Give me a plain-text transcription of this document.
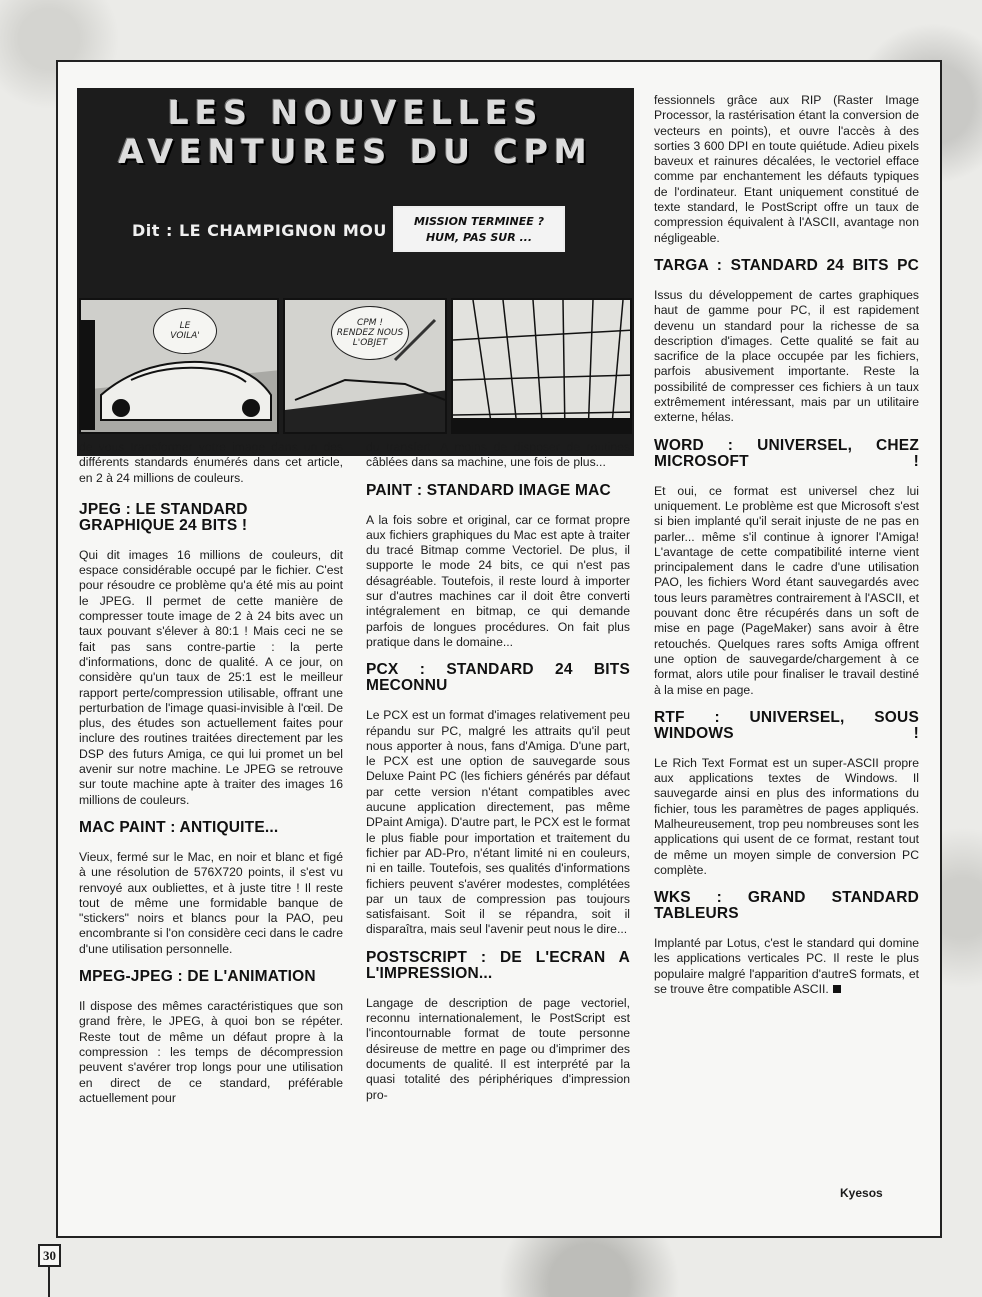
LES NOUVELLES
AVENTURES DU CPM
Dit : LE CHAMPIGNON MOU	MISSION TERMINEE ?
HUM, PAS SUR ...
LE
VOILA'
CPM !
RENDEZ NOUS
L'OBJET

de vous transformer votre image dans un des différents standards énumérés dans cet article, en 2 à 24 millions de couleurs.

JPEG : LE STANDARD GRAPHIQUE 24 BITS !

Qui dit images 16 millions de couleurs, dit espace considérable occupé par le fichier. C'est pour résoudre ce problème qu'a été mis au point le JPEG. Il permet de cette manière de compresser toute image de 2 à 24 bits avec un taux pouvant s'élever à 80:1 ! Mais ceci ne se fait pas sans contre-partie : la perte d'informations, donc de qualité. A ce jour, on considère qu'un taux de 25:1 est le meilleur rapport perte/compression utilisable, offrant une perturbation de l'image quasi-invisible à l'œil. De plus, des études son actuellement faites pour inclure des routines traitées directement par les DSP des futurs Amiga, ce qui lui promet un bel avenir sur notre machine. Le JPEG se retrouve sur toute machine apte à traiter des images 16 millions de couleurs.

MAC PAINT : ANTIQUITE...

Vieux, fermé sur le Mac, en noir et blanc et figé à une résolution de 576X720 points, il s'est vu renvoyé aux oubliettes, et à juste titre ! Il reste tout de même une formidable banque de "stickers" noirs et blancs pour la PAO, peu encombrante si l'on considère ceci dans le cadre d'une utilisation personnelle.

MPEG-JPEG : DE L'ANIMATION

Il dispose des mêmes caractéristiques que son grand frère, le JPEG, à quoi bon se répéter. Reste tout de même un défaut propre à la compression : les temps de décompression peuvent s'avérer trop longs pour une utilisation en direct de ce standard, préférable actuellement pour

du transfert. A moins de disposer de routines câblées dans sa machine, une fois de plus...

PAINT : STANDARD IMAGE MAC

A la fois sobre et original, car ce format propre aux fichiers graphiques du Mac est apte à traiter du tracé Bitmap comme Vectoriel. De plus, il supporte le mode 24 bits, ce qui n'est pas désagréable. Toutefois, il reste lourd à importer sur d'autres machines car il doit être converti intégralement en bitmap, ce qui demande parfois de longues procédures. On fait plus pratique dans le domaine...

PCX : STANDARD 24 BITS MECONNU

Le PCX est un format d'images relativement peu répandu sur PC, malgré les attraits qu'il peut nous apporter à nous, fans d'Amiga. D'une part, le PCX est une option de sauvegarde sous Deluxe Paint PC (les fichiers générés par défaut par cette version n'étant compatibles avec aucune application directement, pas même DPaint Amiga). D'autre part, le PCX est le format le plus fiable pour importation et traitement du fichier par AD-Pro, n'étant limité ni en couleurs, ni en taille. Toutefois, ses qualités d'informations fichiers peuvent s'avérer modestes, complétées par un taux de compression pas toujours satisfaisant. Soit il se répandra, soit il disparaîtra, mais seul l'avenir peut nous le dire...

POSTSCRIPT : DE L'ECRAN A L'IMPRESSION...

Langage de description de page vectoriel, reconnu internationalement, le PostScript est l'incontournable format de toute personne désireuse de mettre en page ou d'imprimer des documents de qualité. Il est interprété par la quasi totalité des périphériques d'impression pro-

fessionnels grâce aux RIP (Raster Image Processor, la rastérisation étant la conversion de vecteurs en points), et ouvre l'accès à des sorties 3 600 DPI en toute quiétude. Adieu pixels baveux et rainures décalées, le vectoriel efface comme par enchantement les défauts typiques de l'ordinateur. Etant uniquement constitué de texte standard, le PostScript offre un taux de compression équivalent à l'ASCII, avantage non négligeable.

TARGA : STANDARD 24 BITS PC

Issus du développement de cartes graphiques haut de gamme pour PC, il est rapidement devenu un standard pour la richesse de sa description d'images. Cette qualité se fait au sacrifice de la place occupée par les fichiers, parfois abusivement importante. Reste la possibilité de compresser ces fichiers à un taux extrêmement intéressant, mais par un utilitaire externe, hélas.

WORD : UNIVERSEL, CHEZ MICROSOFT !

Et oui, ce format est universel chez lui uniquement. Le problème est que Microsoft s'est si bien implanté qu'il serait injuste de ne pas en parler... même s'il continue à ignorer l'Amiga! L'avantage de cette compatibilité interne vient principalement dans le cadre d'une utilisation PAO, les fichiers Word étant sauvegardés avec tous leurs paramètres contrairement à l'ASCII, et pouvant donc être récupérés dans un soft de mise en page (PageMaker) sans avoir à être retouchés. Quelques rares softs Amiga offrent une option de sauvegarde/chargement à ce format, alors utile pour finaliser le travail destiné à la mise en page.

RTF : UNIVERSEL, SOUS WINDOWS !

Le Rich Text Format est un super-ASCII propre aux applications textes de Windows. Il sauvegarde ainsi en plus des informations du fichier, tous les paramètres de pages appliqués. Malheureusement, trop peu nombreuses sont les applications qui usent de ce format, restant tout de même un moyen simple de conversion PC complète.

WKS : GRAND STANDARD TABLEURS

Implanté par Lotus, c'est le standard qui domine les applications verticales PC. Il reste le plus populaire malgré l'apparition d'autreS formats, et se trouve être compatible ASCII.

Kyesos
30
